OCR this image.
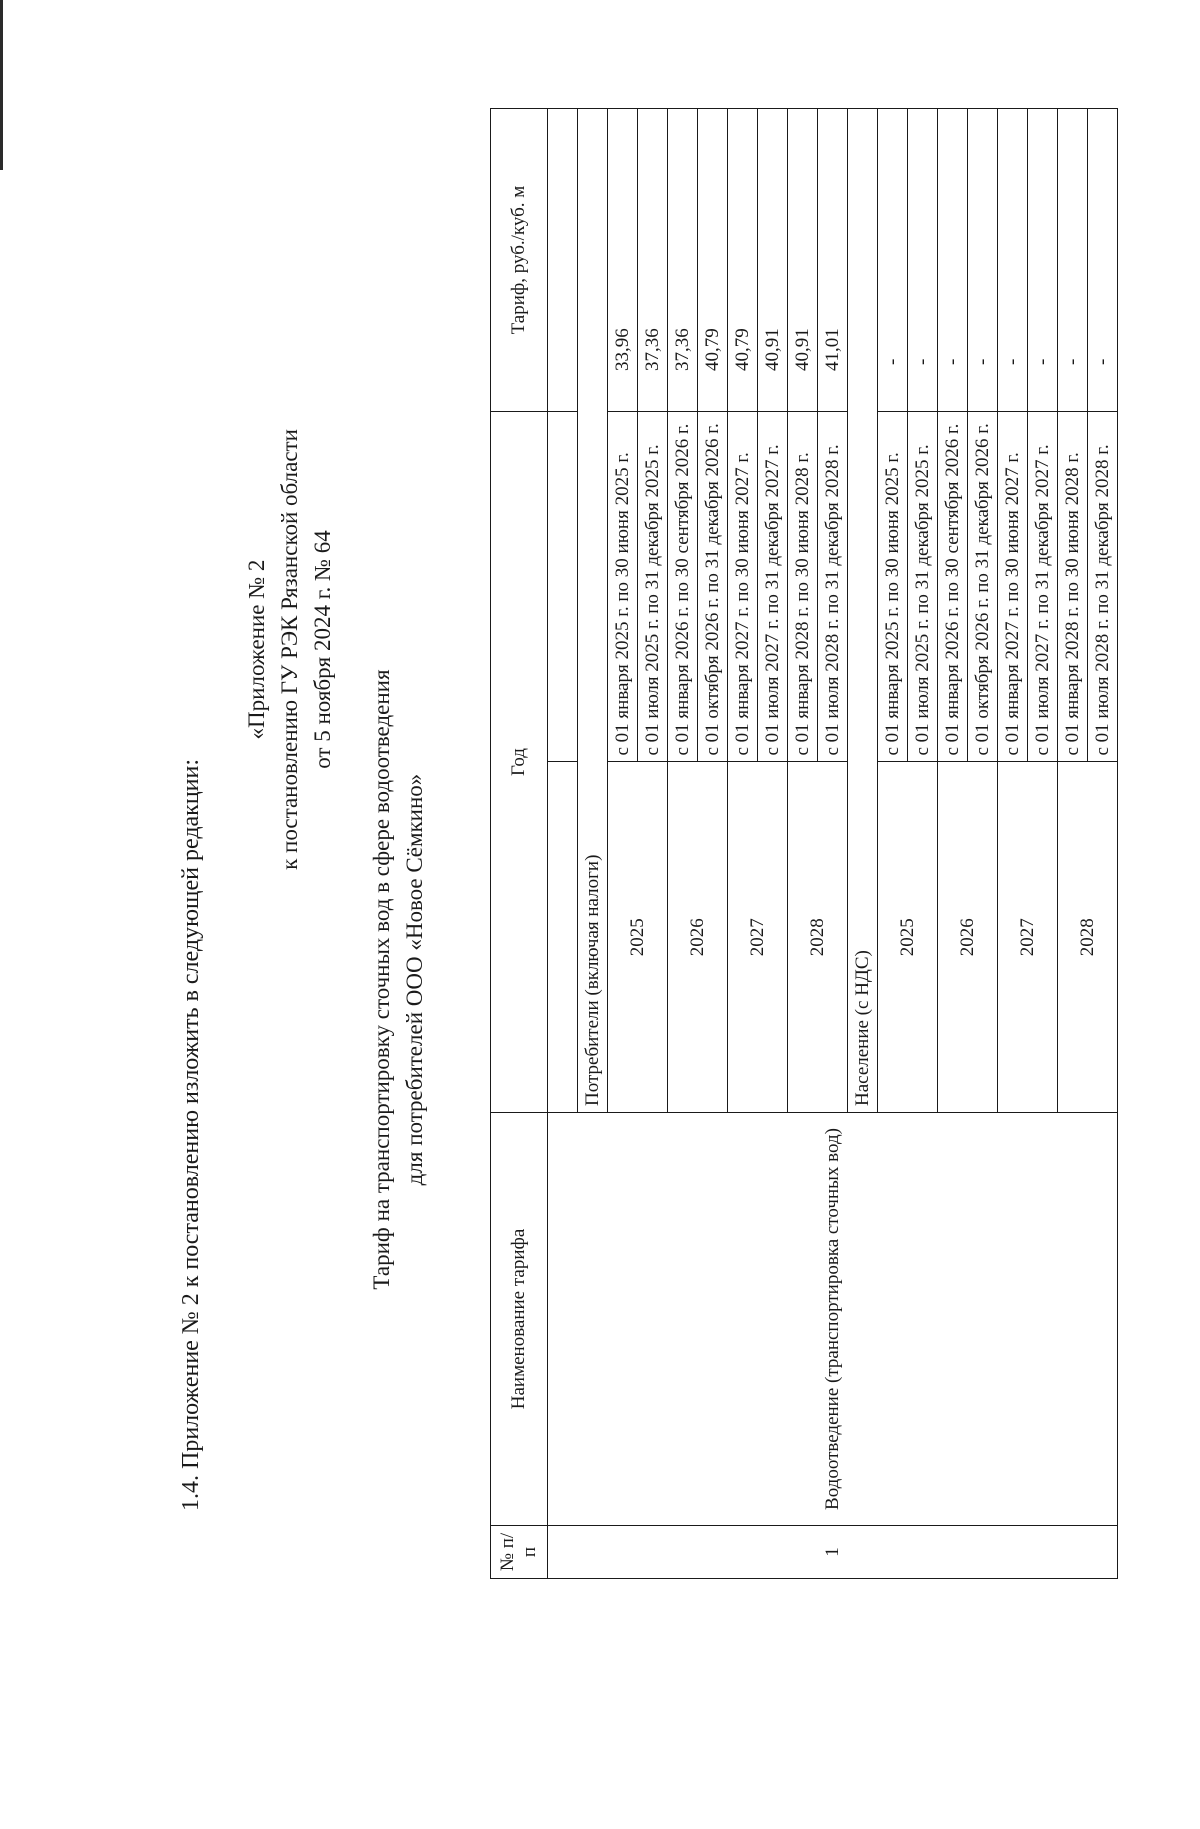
1.4. Приложение № 2 к постановлению изложить в следующей редакции:
«Приложение № 2 к постановлению ГУ РЭК Рязанской области от 5 ноября 2024 г. № 64
Тариф на транспортировку сточных вод в сфере водоотведения для потребителей ООО «Новое Сёмкино»
№ п/п	Наименование тарифа	Год		Тариф, руб./куб. м
1	Водоотведение (транспортировка сточных вод)			
		Потребители (включая налоги)		
		2025	с 01 января 2025 г. по 30 июня 2025 г.	33,96
			с 01 июля 2025 г. по 31 декабря 2025 г.	37,36
		2026	с 01 января 2026 г. по 30 сентября 2026 г.	37,36
			с 01 октября 2026 г. по 31 декабря 2026 г.	40,79
		2027	с 01 января 2027 г. по 30 июня 2027 г.	40,79
			с 01 июля 2027 г. по 31 декабря 2027 г.	40,91
		2028	с 01 января 2028 г. по 30 июня 2028 г.	40,91
			с 01 июля 2028 г. по 31 декабря 2028 г.	41,01
		Население (с НДС)		
		2025	с 01 января 2025 г. по 30 июня 2025 г.	-
			с 01 июля 2025 г. по 31 декабря 2025 г.	-
		2026	с 01 января 2026 г. по 30 сентября 2026 г.	-
			с 01 октября 2026 г. по 31 декабря 2026 г.	-
		2027	с 01 января 2027 г. по 30 июня 2027 г.	-
			с 01 июля 2027 г. по 31 декабря 2027 г.	-
		2028	с 01 января 2028 г. по 30 июня 2028 г.	-
			с 01 июля 2028 г. по 31 декабря 2028 г.	-
